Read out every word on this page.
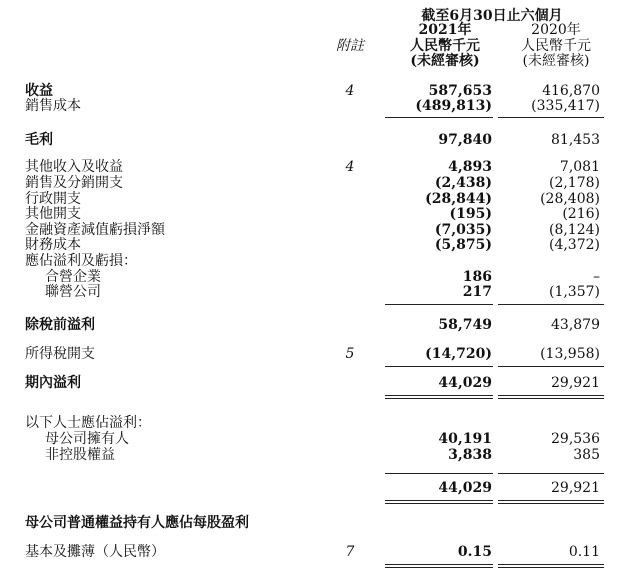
截至6月30日止六個月
2021年	2020年
附註	人民幣千元	人民幣千元
(未經審核)	(未經審核)
收益	4	587,653	416,870
銷售成本	(489,813)	(335,417)
毛利	97,840	81,453
其他收入及收益	4	4,893	7,081
銷售及分銷開支	(2,438)	(2,178)
行政開支	(28,844)	(28,408)
其他開支	(195)	(216)
金融資產減值虧損淨額	(7,035)	(8,124)
財務成本	(5,875)	(4,372)
應佔溢利及虧損：
合營企業	186	–
聯營公司	217	(1,357)
除稅前溢利	58,749	43,879
所得稅開支	5	(14,720)	(13,958)
期內溢利	44,029	29,921
以下人士應佔溢利：
母公司擁有人	40,191	29,536
非控股權益	3,838	385
44,029	29,921
母公司普通權益持有人應佔每股盈利
基本及攤薄（人民幣）	7	0.15	0.11
